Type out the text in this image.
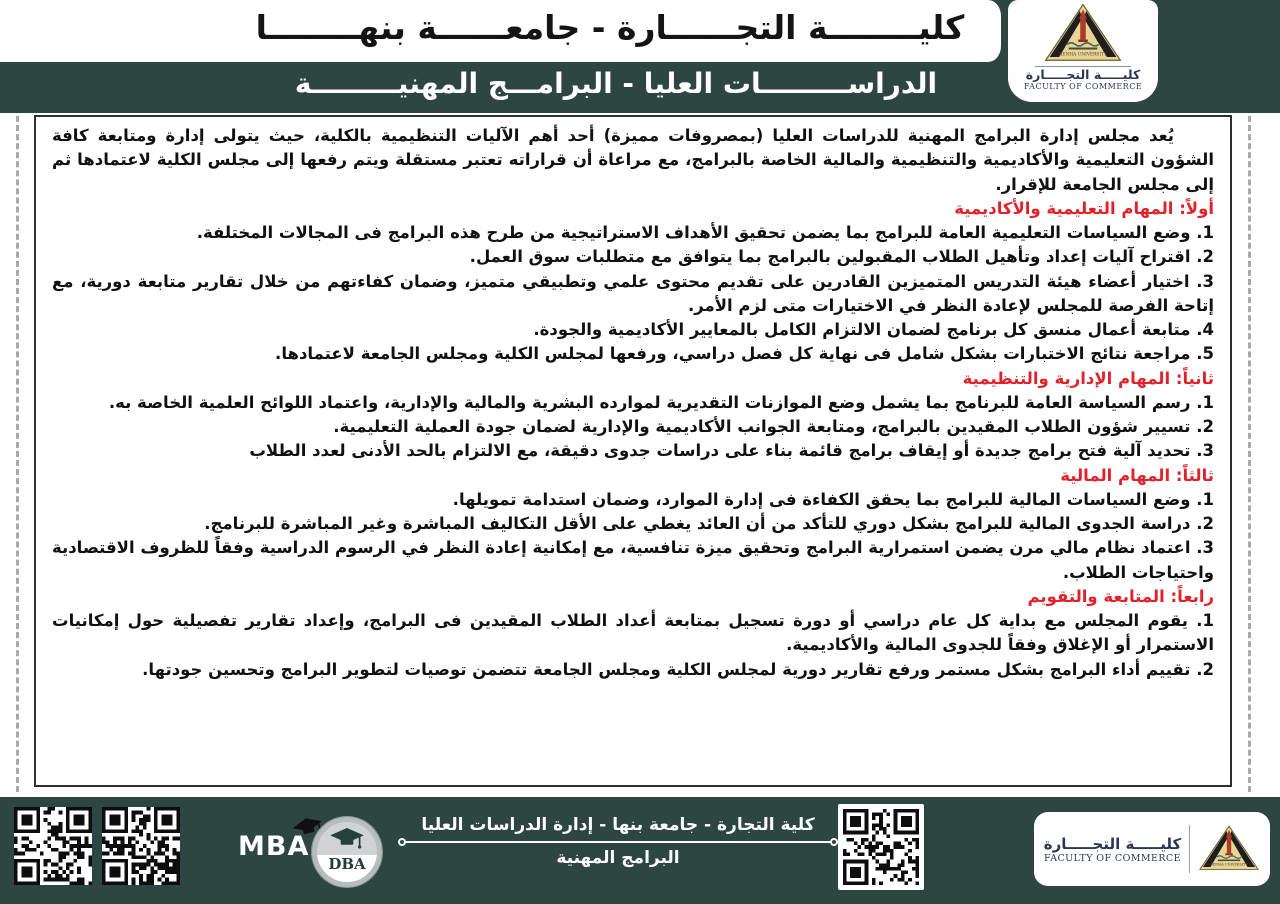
كليــــــــة التجــــــارة - جامعــــــة بنهــــــــا
الدراســـــــــات العليا - البرامـــج المهنيـــــــــة	كليـــــة التجـــــارة
FACULTY OF COMMERCE

يُعد مجلس إدارة البرامج المهنية للدراسات العليا (بمصروفات مميزة) أحد أهم الآليات التنظيمية بالكلية، حيث يتولى إدارة ومتابعة كافة الشؤون التعليمية والأكاديمية والتنظيمية والمالية الخاصة بالبرامج، مع مراعاة أن قراراته تعتبر مستقلة ويتم رفعها إلى مجلس الكلية لاعتمادها ثم إلى مجلس الجامعة للإقرار.

أولاً: المهام التعليمية والأكاديمية

1. وضع السياسات التعليمية العامة للبرامج بما يضمن تحقيق الأهداف الاستراتيجية من طرح هذه البرامج فى المجالات المختلفة.

2. اقتراح آليات إعداد وتأهيل الطلاب المقبولين بالبرامج بما يتوافق مع متطلبات سوق العمل.

3. اختيار أعضاء هيئة التدريس المتميزين القادرين على تقديم محتوى علمي وتطبيقي متميز، وضمان كفاءتهم من خلال تقارير متابعة دورية، مع إتاحة الفرصة للمجلس لإعادة النظر في الاختيارات متى لزم الأمر.

4. متابعة أعمال منسق كل برنامج لضمان الالتزام الكامل بالمعايير الأكاديمية والجودة.

5. مراجعة نتائج الاختبارات بشكل شامل فى نهاية كل فصل دراسي، ورفعها لمجلس الكلية ومجلس الجامعة لاعتمادها.

ثانياً: المهام الإدارية والتنظيمية

1. رسم السياسة العامة للبرنامج بما يشمل وضع الموازنات التقديرية لموارده البشرية والمالية والإدارية، واعتماد اللوائح العلمية الخاصة به.

2. تسيير شؤون الطلاب المقيدين بالبرامج، ومتابعة الجوانب الأكاديمية والإدارية لضمان جودة العملية التعليمية.

3. تحديد آلية فتح برامج جديدة أو إيقاف برامج قائمة بناء على دراسات جدوى دقيقة، مع الالتزام بالحد الأدنى لعدد الطلاب

ثالثاً: المهام المالية

1. وضع السياسات المالية للبرامج بما يحقق الكفاءة فى إدارة الموارد، وضمان استدامة تمويلها.

2. دراسة الجدوى المالية للبرامج بشكل دوري للتأكد من أن العائد يغطي على الأقل التكاليف المباشرة وغير المباشرة للبرنامج.

3. اعتماد نظام مالي مرن يضمن استمرارية البرامج وتحقيق ميزة تنافسية، مع إمكانية إعادة النظر في الرسوم الدراسية وفقاً للظروف الاقتصادية واحتياجات الطلاب.

رابعاً: المتابعة والتقويم

1. يقوم المجلس مع بداية كل عام دراسي أو دورة تسجيل بمتابعة أعداد الطلاب المقيدين فى البرامج، وإعداد تقارير تفصيلية حول إمكانيات الاستمرار أو الإغلاق وفقاً للجدوى المالية والأكاديمية.

2. تقييم أداء البرامج بشكل مستمر ورفع تقارير دورية لمجلس الكلية ومجلس الجامعة تتضمن توصيات لتطوير البرامج وتحسين جودتها.

MBA
DBA
كلية التجارة - جامعة بنها - إدارة الدراسات العليا
البرامج المهنية
كليـــــة التجـــــارة
FACULTY OF COMMERCE
